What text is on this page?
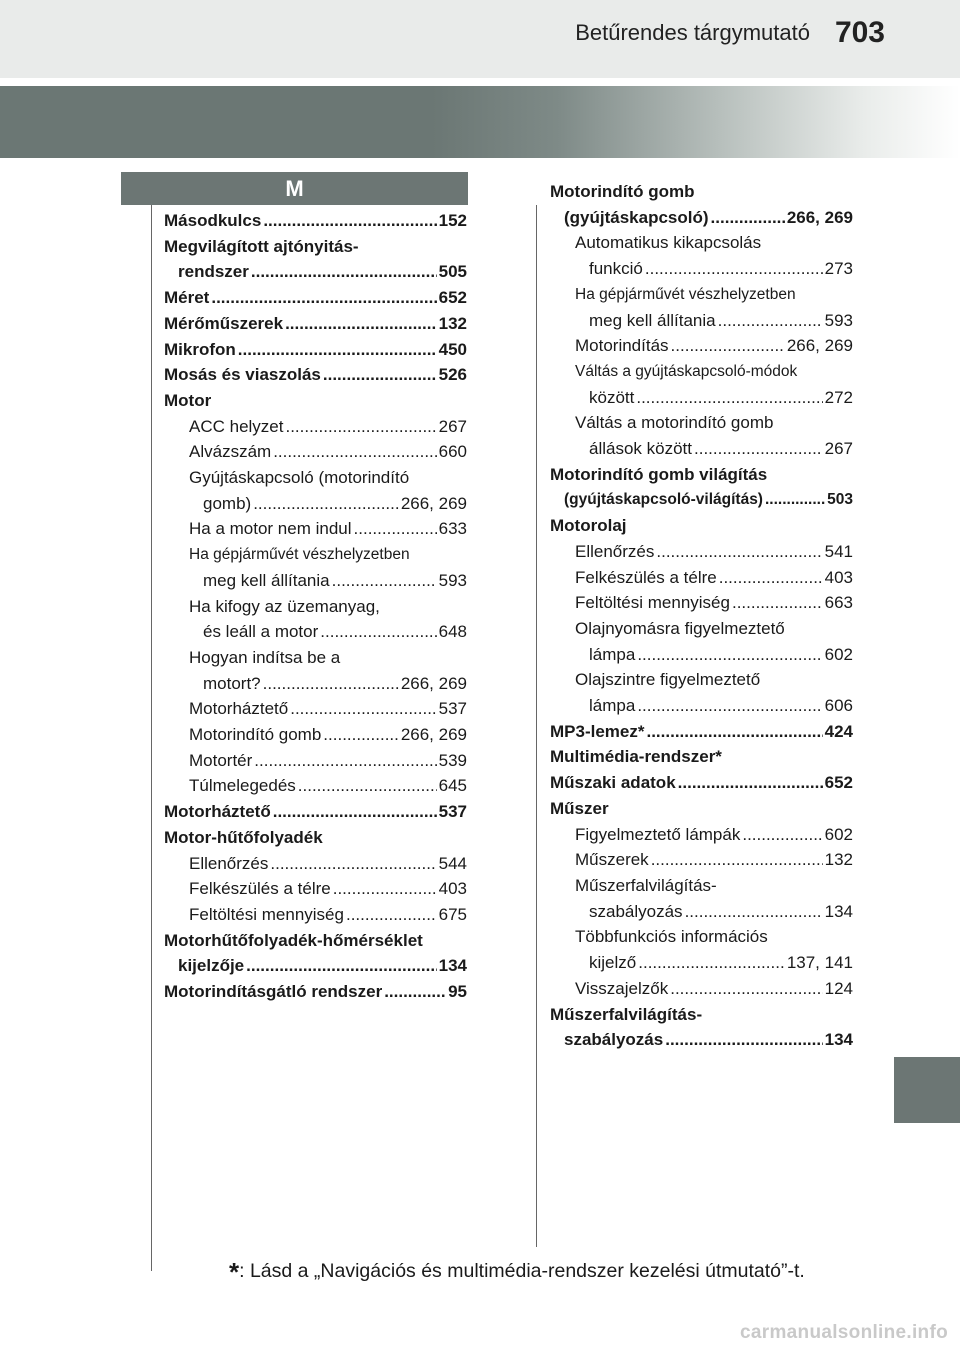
Betűrendes tárgymutató 703
M
Másodkulcs .....	152
Megvilágított ajtónyitás-
rendszer .....	505
Méret .....	652
Mérőműszerek .....	132
Mikrofon .....	450
Mosás és viaszolás .....	526
Motor
ACC helyzet .....	267
Alvázszám .....	660
Gyújtáskapcsoló (motorindító
gomb) .....	266, 269
Ha a motor nem indul .....	633
Ha gépjárművét vészhelyzetben
meg kell állítania .....	593
Ha kifogy az üzemanyag,
és leáll a motor .....	648
Hogyan indítsa be a
motort? .....	266, 269
Motorháztető .....	537
Motorindító gomb .....	266, 269
Motortér .....	539
Túlmelegedés .....	645
Motorháztető .....	537
Motor-hűtőfolyadék
Ellenőrzés .....	544
Felkészülés a télre .....	403
Feltöltési mennyiség .....	675
Motorhűtőfolyadék-hőmérséklet
kijelzője .....	134
Motorindításgátló rendszer .....	95
Motorindító gomb
(gyújtáskapcsoló) .....	266, 269
Automatikus kikapcsolás
funkció .....	273
Ha gépjárművét vészhelyzetben
meg kell állítania .....	593
Motorindítás .....	266, 269
Váltás a gyújtáskapcsoló-módok
között .....	272
Váltás a motorindító gomb
állások között .....	267
Motorindító gomb világítás
(gyújtáskapcsoló-világítás) .....	503
Motorolaj
Ellenőrzés .....	541
Felkészülés a télre .....	403
Feltöltési mennyiség .....	663
Olajnyomásra figyelmeztető
lámpa .....	602
Olajszintre figyelmeztető
lámpa .....	606
MP3-lemez* .....	424
Multimédia-rendszer*
Műszaki adatok .....	652
Műszer
Figyelmeztető lámpák .....	602
Műszerek .....	132
Műszerfalvilágítás-
szabályozás .....	134
Többfunkciós információs
kijelző .....	137, 141
Visszajelzők .....	124
Műszerfalvilágítás-
szabályozás .....	134
*: Lásd a „Navigációs és multimédia-rendszer kezelési útmutató”-t.
carmanualsonline.info
